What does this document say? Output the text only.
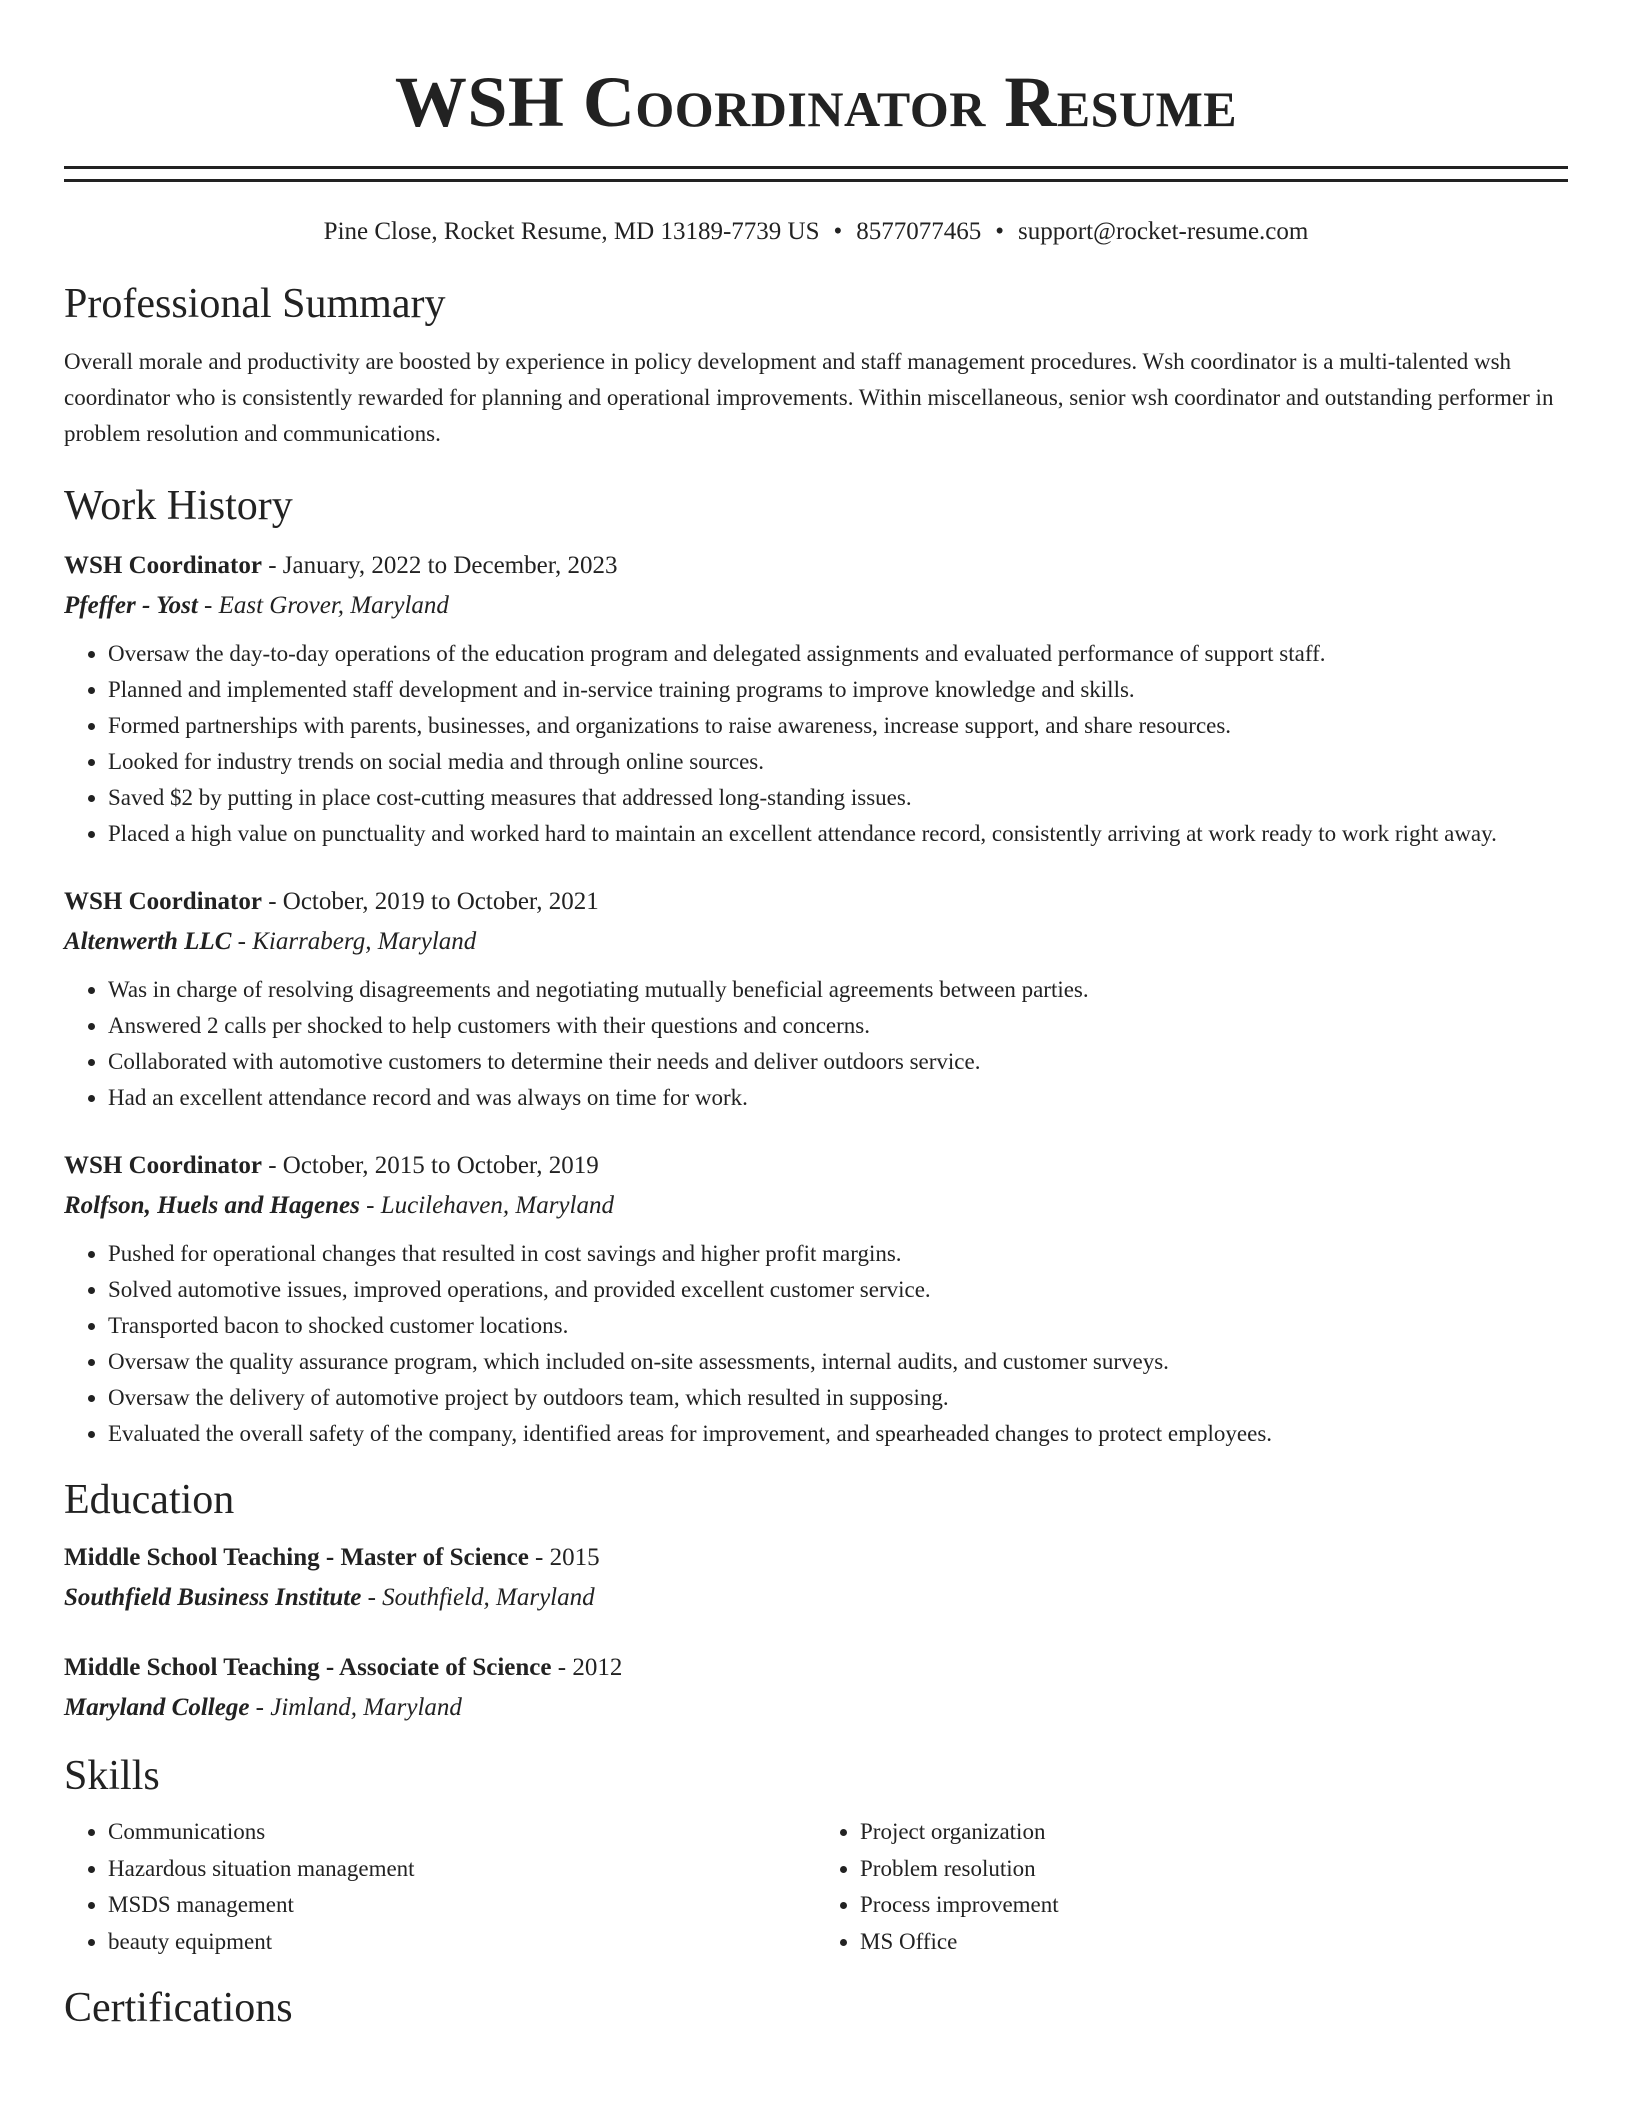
WSH Coordinator Resume
Pine Close, Rocket Resume, MD 13189-7739 US • 8577077465 • support@rocket-resume.com
Professional Summary

Overall morale and productivity are boosted by experience in policy development and staff management procedures. Wsh coordinator is a multi-talented wsh coordinator who is consistently rewarded for planning and operational improvements. Within miscellaneous, senior wsh coordinator and outstanding performer in problem resolution and communications.

Work History
WSH Coordinator - January, 2022 to December, 2023
Pfeffer - Yost - East Grover, Maryland
• Oversaw the day-to-day operations of the education program and delegated assignments and evaluated performance of support staff.
• Planned and implemented staff development and in-service training programs to improve knowledge and skills.
• Formed partnerships with parents, businesses, and organizations to raise awareness, increase support, and share resources.
• Looked for industry trends on social media and through online sources.
• Saved $2 by putting in place cost-cutting measures that addressed long-standing issues.
• Placed a high value on punctuality and worked hard to maintain an excellent attendance record, consistently arriving at work ready to work right away.
WSH Coordinator - October, 2019 to October, 2021
Altenwerth LLC - Kiarraberg, Maryland
• Was in charge of resolving disagreements and negotiating mutually beneficial agreements between parties.
• Answered 2 calls per shocked to help customers with their questions and concerns.
• Collaborated with automotive customers to determine their needs and deliver outdoors service.
• Had an excellent attendance record and was always on time for work.
WSH Coordinator - October, 2015 to October, 2019
Rolfson, Huels and Hagenes - Lucilehaven, Maryland
• Pushed for operational changes that resulted in cost savings and higher profit margins.
• Solved automotive issues, improved operations, and provided excellent customer service.
• Transported bacon to shocked customer locations.
• Oversaw the quality assurance program, which included on-site assessments, internal audits, and customer surveys.
• Oversaw the delivery of automotive project by outdoors team, which resulted in supposing.
• Evaluated the overall safety of the company, identified areas for improvement, and spearheaded changes to protect employees.
Education
Middle School Teaching - Master of Science - 2015
Southfield Business Institute - Southfield, Maryland
Middle School Teaching - Associate of Science - 2012
Maryland College - Jimland, Maryland
Skills
• Communications
• Hazardous situation management
• MSDS management
• beauty equipment
• Project organization
• Problem resolution
• Process improvement
• MS Office
Certifications
